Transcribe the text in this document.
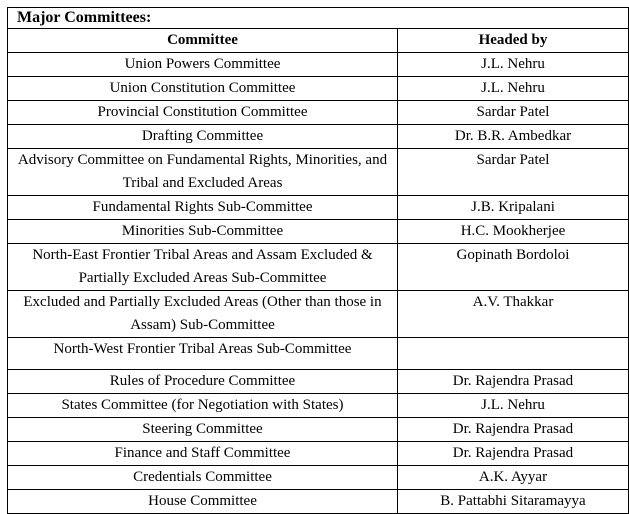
Major Committees:	
Committee	Headed by
Union Powers Committee	J.L. Nehru
Union Constitution Committee	J.L. Nehru
Provincial Constitution Committee	Sardar Patel
Drafting Committee	Dr. B.R. Ambedkar
Advisory Committee on Fundamental Rights, Minorities, and Tribal and Excluded Areas	Sardar Patel
Fundamental Rights Sub-Committee	J.B. Kripalani
Minorities Sub-Committee	H.C. Mookherjee
North-East Frontier Tribal Areas and Assam Excluded & Partially Excluded Areas Sub-Committee	Gopinath Bordoloi
Excluded and Partially Excluded Areas (Other than those in Assam) Sub-Committee	A.V. Thakkar
North-West Frontier Tribal Areas Sub-Committee	
Rules of Procedure Committee	Dr. Rajendra Prasad
States Committee (for Negotiation with States)	J.L. Nehru
Steering Committee	Dr. Rajendra Prasad
Finance and Staff Committee	Dr. Rajendra Prasad
Credentials Committee	A.K. Ayyar
House Committee	B. Pattabhi Sitaramayya
